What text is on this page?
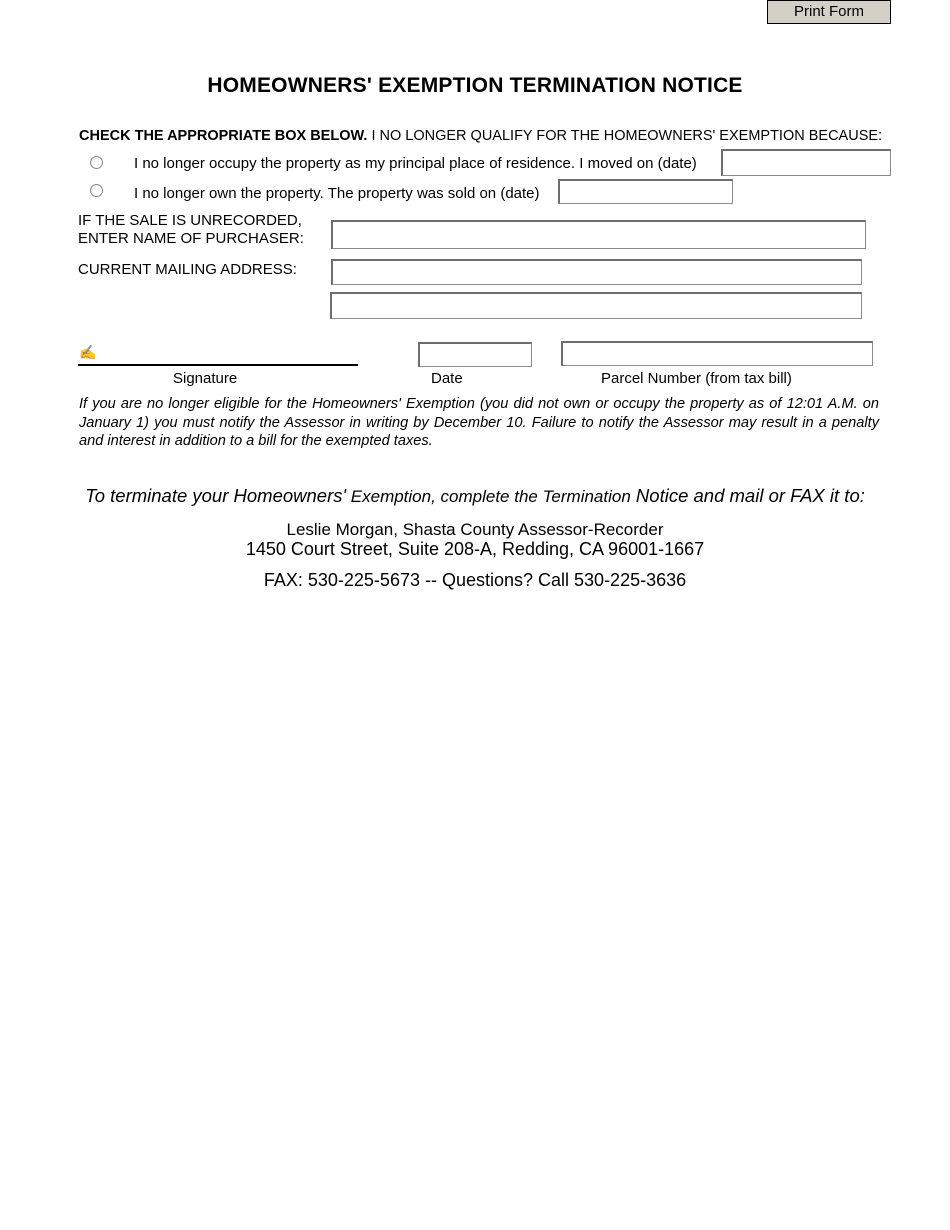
Print Form
HOMEOWNERS' EXEMPTION TERMINATION NOTICE
CHECK THE APPROPRIATE BOX BELOW. I NO LONGER QUALIFY FOR THE HOMEOWNERS' EXEMPTION BECAUSE:
I no longer occupy the property as my principal place of residence. I moved on (date)
I no longer own the property. The property was sold on (date)
IF THE SALE IS UNRECORDED,
ENTER NAME OF PURCHASER:
CURRENT MAILING ADDRESS:
✍
Signature	Date	Parcel Number (from tax bill)
If you are no longer eligible for the Homeowners' Exemption (you did not own or occupy the property as of 12:01 A.M. on January 1) you must notify the Assessor in writing by December 10. Failure to notify the Assessor may result in a penalty and interest in addition to a bill for the exempted taxes.
To terminate your Homeowners' Exemption, complete the Termination Notice and mail or FAX it to:
Leslie Morgan, Shasta County Assessor-Recorder
1450 Court Street, Suite 208-A, Redding, CA 96001-1667
FAX: 530-225-5673 -- Questions? Call 530-225-3636
